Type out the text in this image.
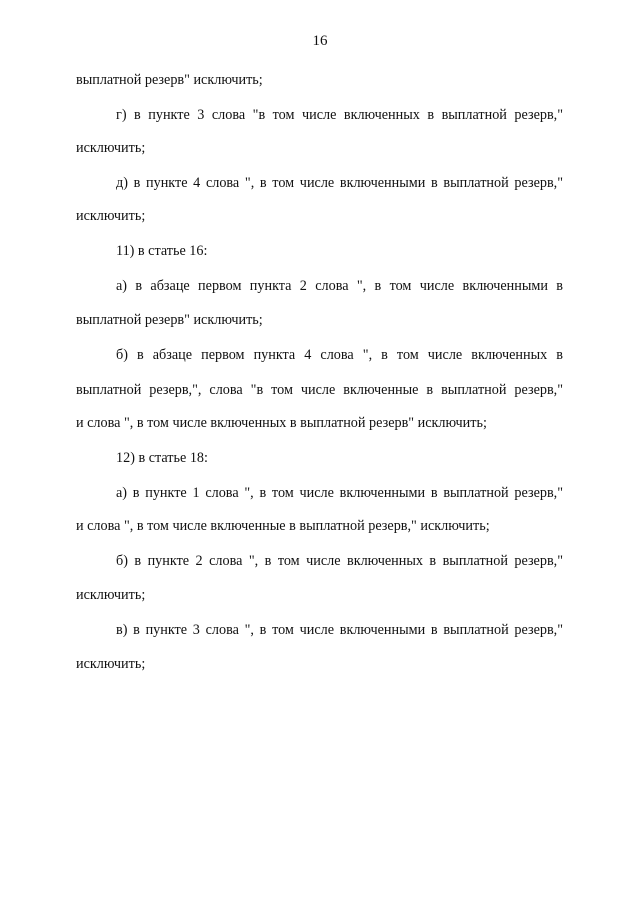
16
выплатной резерв" исключить;
г) в пункте 3 слова "в том числе включенных в выплатной резерв,"
исключить;
д) в пункте 4 слова ", в том числе включенными в выплатной резерв,"
исключить;
11) в статье 16:
а) в абзаце первом пункта 2 слова ", в том числе включенными в
выплатной резерв" исключить;
б) в абзаце первом пункта 4 слова ", в том числе включенных в
выплатной резерв,", слова "в том числе включенные в выплатной резерв,"
и слова ", в том числе включенных в выплатной резерв" исключить;
12) в статье 18:
а) в пункте 1 слова ", в том числе включенными в выплатной резерв,"
и слова ", в том числе включенные в выплатной резерв," исключить;
б) в пункте 2 слова ", в том числе включенных в выплатной резерв,"
исключить;
в) в пункте 3 слова ", в том числе включенными в выплатной резерв,"
исключить;
